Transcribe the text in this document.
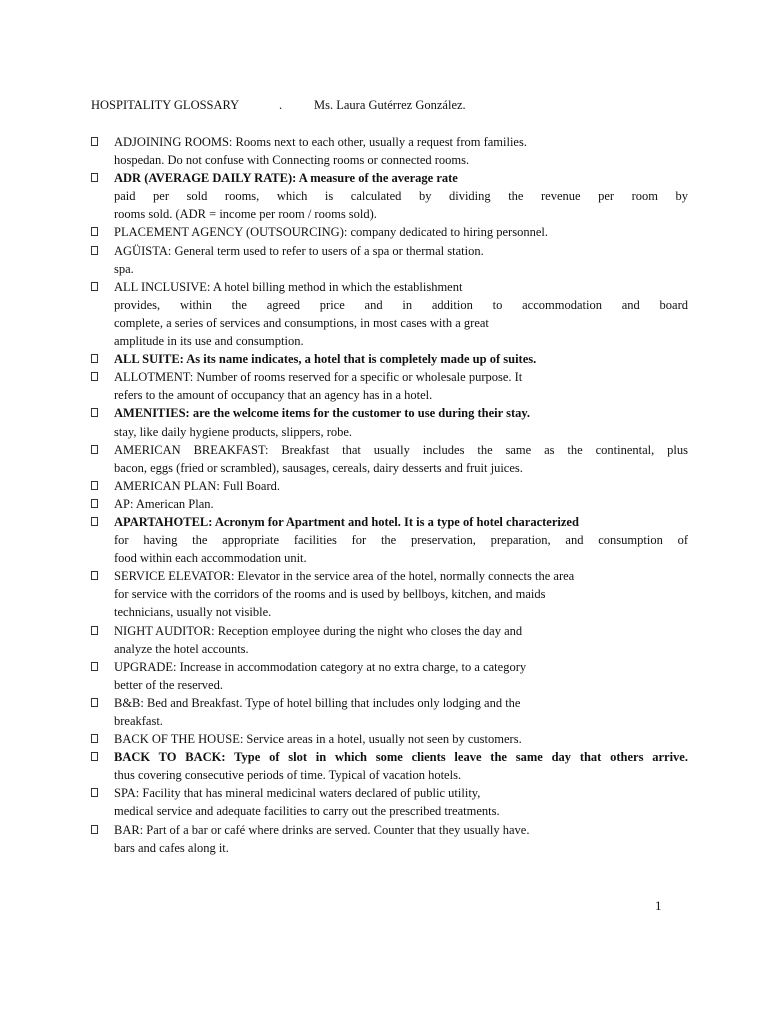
HOSPITALITY GLOSSARY	.	Ms. Laura Gutérrez González.
ADJOINING ROOMS: Rooms next to each other, usually a request from families.
hospedan. Do not confuse with Connecting rooms or connected rooms.
ADR (AVERAGE DAILY RATE): A measure of the average rate
paid per sold rooms, which is calculated by dividing the revenue per room by
rooms sold. (ADR = income per room / rooms sold).
PLACEMENT AGENCY (OUTSOURCING): company dedicated to hiring personnel.
AGÜISTA: General term used to refer to users of a spa or thermal station.
spa.
ALL INCLUSIVE: A hotel billing method in which the establishment
provides, within the agreed price and in addition to accommodation and board
complete, a series of services and consumptions, in most cases with a great
amplitude in its use and consumption.
ALL SUITE: As its name indicates, a hotel that is completely made up of suites.
ALLOTMENT: Number of rooms reserved for a specific or wholesale purpose. It
refers to the amount of occupancy that an agency has in a hotel.
AMENITIES: are the welcome items for the customer to use during their stay.
stay, like daily hygiene products, slippers, robe.
AMERICAN BREAKFAST: Breakfast that usually includes the same as the continental, plus
bacon, eggs (fried or scrambled), sausages, cereals, dairy desserts and fruit juices.
AMERICAN PLAN: Full Board.
AP: American Plan.
APARTAHOTEL: Acronym for Apartment and hotel. It is a type of hotel characterized
for having the appropriate facilities for the preservation, preparation, and consumption of
food within each accommodation unit.
SERVICE ELEVATOR: Elevator in the service area of the hotel, normally connects the area
for service with the corridors of the rooms and is used by bellboys, kitchen, and maids
technicians, usually not visible.
NIGHT AUDITOR: Reception employee during the night who closes the day and
analyze the hotel accounts.
UPGRADE: Increase in accommodation category at no extra charge, to a category
better of the reserved.
B&B: Bed and Breakfast. Type of hotel billing that includes only lodging and the
breakfast.
BACK OF THE HOUSE: Service areas in a hotel, usually not seen by customers.
BACK TO BACK: Type of slot in which some clients leave the same day that others arrive.
thus covering consecutive periods of time. Typical of vacation hotels.
SPA: Facility that has mineral medicinal waters declared of public utility,
medical service and adequate facilities to carry out the prescribed treatments.
BAR: Part of a bar or café where drinks are served. Counter that they usually have.
bars and cafes along it.
1
